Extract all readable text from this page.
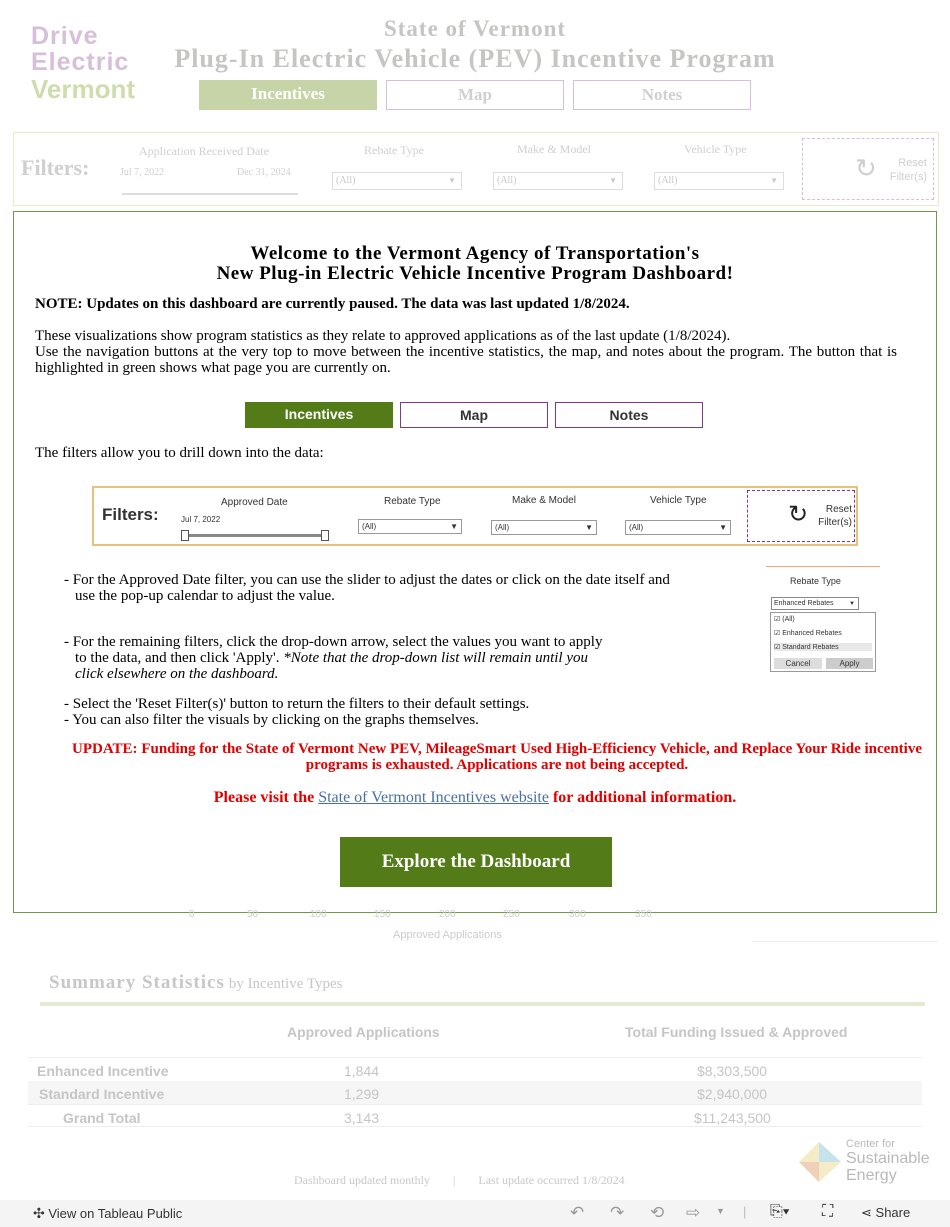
Drive
Electric
Vermont
State of Vermont
Plug-In Electric Vehicle (PEV) Incentive Program
Incentives	Map	Notes
Filters:
Application Received Date
Jul 7, 2022	Dec 31, 2024
Rebate Type
(All)	▼
Make & Model
(All)	▼
Vehicle Type
(All)	▼	↻	Reset Filter(s)
Welcome to the Vermont Agency of Transportation's
New Plug-in Electric Vehicle Incentive Program Dashboard!
NOTE: Updates on this dashboard are currently paused. The data was last updated 1/8/2024.
These visualizations show program statistics as they relate to approved applications as of the last update (1/8/2024).
Use the navigation buttons at the very top to move between the incentive statistics, the map, and notes about the program. The button that is highlighted in green shows what page you are currently on.
Incentives	Map	Notes
The filters allow you to drill down into the data:
Filters:
Approved Date
Jul 7, 2022
Rebate Type
(All)	▼
Make & Model
(All)	▼
Vehicle Type
(All)	▼	↻	Reset Filter(s)
- For the Approved Date filter, you can use the slider to adjust the dates or click on the date itself and use the pop-up calendar to adjust the value.
- For the remaining filters, click the drop-down arrow, select the values you want to apply to the data, and then click 'Apply'. *Note that the drop-down list will remain until you click elsewhere on the dashboard.
- Select the 'Reset Filter(s)' button to return the filters to their default settings.
- You can also filter the visuals by clicking on the graphs themselves.
Rebate Type
Enhanced Rebates	▼
☑ (All)
☑ Enhanced Rebates
☑ Standard Rebates
Cancel	Apply
UPDATE: Funding for the State of Vermont New PEV, MileageSmart Used High-Efficiency Vehicle, and Replace Your Ride incentive programs is exhausted. Applications are not being accepted.
Please visit the State of Vermont Incentives website for additional information.
Explore the Dashboard
0	50	100	150	200	250	300	350
Approved Applications
Summary Statistics by Incentive Types
Approved Applications	Total Funding Issued & Approved
Enhanced Incentive	1,844	$8,303,500
Standard Incentive	1,299	$2,940,000
Grand Total	3,143	$11,243,500
Dashboard updated monthly | Last update occurred 1/8/2024
Center for
Sustainable
Energy
✣ View on Tableau Public	↶ ↷ ⟲ ⇨ ▼ | ⎘▾ ⛶ ⋖ Share
